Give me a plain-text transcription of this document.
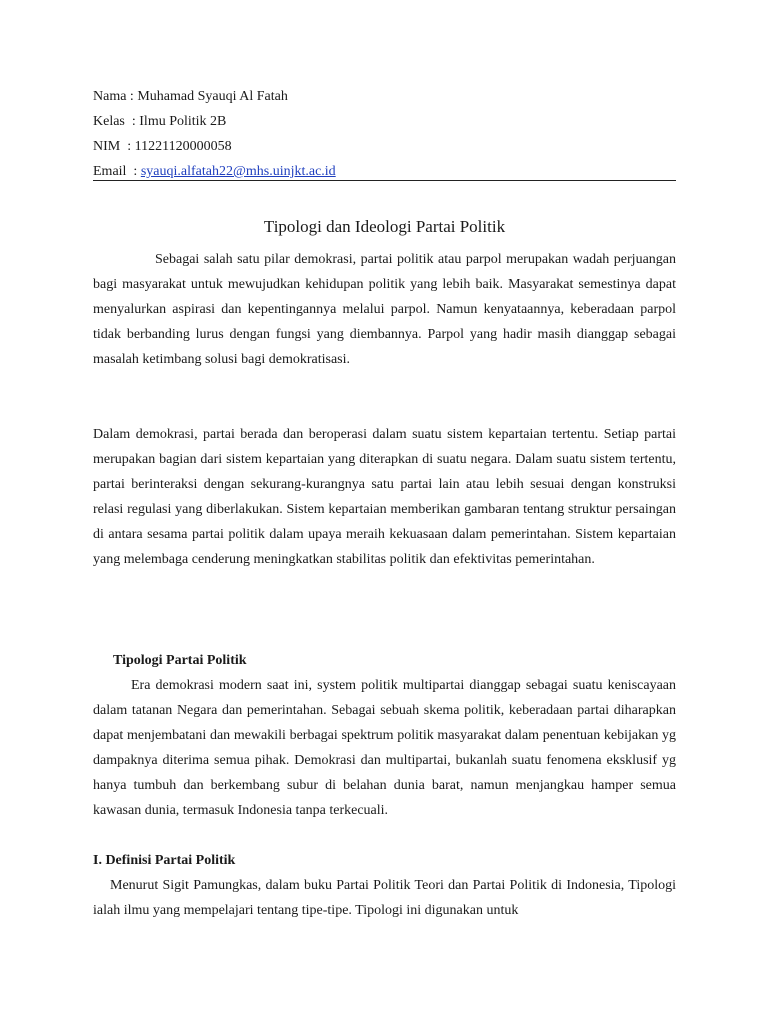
Nama : Muhamad Syauqi Al Fatah
Kelas  : Ilmu Politik 2B
NIM  : 11221120000058
Email  : syauqi.alfatah22@mhs.uinjkt.ac.id
Tipologi dan Ideologi Partai Politik

Sebagai salah satu pilar demokrasi, partai politik atau parpol merupakan wadah perjuangan bagi masyarakat untuk mewujudkan kehidupan politik yang lebih baik. Masyarakat semestinya dapat menyalurkan aspirasi dan kepentingannya melalui parpol. Namun kenyataannya, keberadaan parpol tidak berbanding lurus dengan fungsi yang diembannya. Parpol yang hadir masih dianggap sebagai masalah ketimbang solusi bagi demokratisasi.

Dalam demokrasi, partai berada dan beroperasi dalam suatu sistem kepartaian tertentu. Setiap partai merupakan bagian dari sistem kepartaian yang diterapkan di suatu negara. Dalam suatu sistem tertentu, partai berinteraksi dengan sekurang-kurangnya satu partai lain atau lebih sesuai dengan konstruksi relasi regulasi yang diberlakukan. Sistem kepartaian memberikan gambaran tentang struktur persaingan di antara sesama partai politik dalam upaya meraih kekuasaan dalam pemerintahan. Sistem kepartaian yang melembaga cenderung meningkatkan stabilitas politik dan efektivitas pemerintahan.

Tipologi Partai Politik

Era demokrasi modern saat ini, system politik multipartai dianggap sebagai suatu keniscayaan dalam tatanan Negara dan pemerintahan. Sebagai sebuah skema politik, keberadaan partai diharapkan dapat menjembatani dan mewakili berbagai spektrum politik masyarakat dalam penentuan kebijakan yg dampaknya diterima semua pihak. Demokrasi dan multipartai, bukanlah suatu fenomena eksklusif yg hanya tumbuh dan berkembang subur di belahan dunia barat, namun menjangkau hamper semua kawasan dunia, termasuk Indonesia tanpa terkecuali.

I. Definisi Partai Politik

Menurut Sigit Pamungkas, dalam buku Partai Politik Teori dan Partai Politik di Indonesia, Tipologi ialah ilmu yang mempelajari tentang tipe-tipe. Tipologi ini digunakan untuk
